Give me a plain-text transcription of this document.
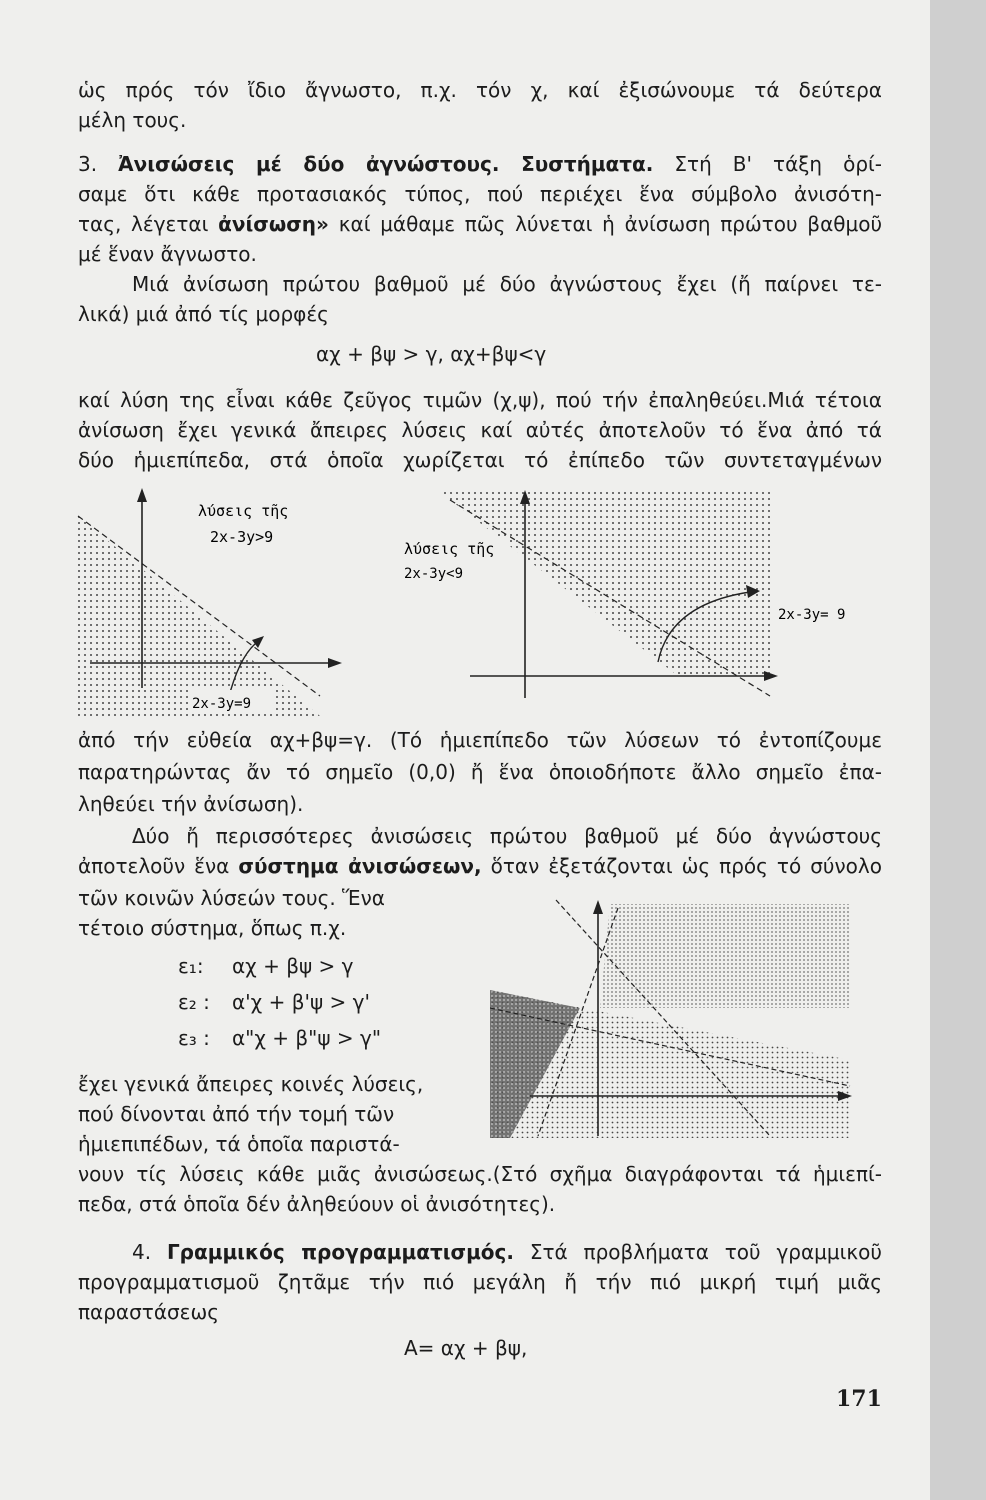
ὡς πρός τόν ἴδιο ἄγνωστο, π.χ. τόν χ, καί ἐξισώνουμε τά δεύτερα
μέλη τους.
3. Ἀνισώσεις μέ δύο ἀγνώστους. Συστήματα. Στή Β' τάξη ὁρί-
σαμε ὅτι κάθε προτασιακός τύπος, πού περιέχει ἕνα σύμβολο ἀνισότη-
τας, λέγεται ἀνίσωση» καί μάθαμε πῶς λύνεται ἡ ἀνίσωση πρώτου βαθμοῦ
μέ ἕναν ἄγνωστο.
Μιά ἀνίσωση πρώτου βαθμοῦ μέ δύο ἀγνώστους ἔχει (ἤ παίρνει τε-
λικά) μιά ἀπό τίς μορφές
αχ + βψ > γ, αχ+βψ<γ
καί λύση της εἶναι κάθε ζεῦγος τιμῶν (χ,ψ), πού τήν ἐπαληθεύει.Μιά τέτοια
ἀνίσωση ἔχει γενικά ἄπειρες λύσεις καί αὐτές ἀποτελοῦν τό ἕνα ἀπό τά
δύο ἡμιεπίπεδα, στά ὁποῖα χωρίζεται τό ἐπίπεδο τῶν συντεταγμένων
λύσεις τῆς
2x-3y>9
2x-3y=9
λύσεις τῆς
2x-3y<9
2x-3y= 9
ἀπό τήν εὐθεία αχ+βψ=γ. (Τό ἡμιεπίπεδο τῶν λύσεων τό ἐντοπίζουμε
παρατηρώντας ἄν τό σημεῖο (0,0) ἤ ἕνα ὁποιοδήποτε ἄλλο σημεῖο ἐπα-
ληθεύει τήν ἀνίσωση).
Δύο ἤ περισσότερες ἀνισώσεις πρώτου βαθμοῦ μέ δύο ἀγνώστους
ἀποτελοῦν ἕνα σύστημα ἀνισώσεων, ὅταν ἐξετάζονται ὡς πρός τό σύνολο
τῶν κοινῶν λύσεών τους. Ἕνα
τέτοιο σύστημα, ὅπως π.χ.
ε₁: αχ + βψ > γ
ε₂ : α'χ + β'ψ > γ'
ε₃ : α"χ + β"ψ > γ"
ἔχει γενικά ἄπειρες κοινές λύσεις,
πού δίνονται ἀπό τήν τομή τῶν
ἡμιεπιπέδων, τά ὁποῖα παριστά-
νουν τίς λύσεις κάθε μιᾶς ἀνισώσεως.(Στό σχῆμα διαγράφονται τά ἡμιεπί-
πεδα, στά ὁποῖα δέν ἀληθεύουν οἱ ἀνισότητες).
4. Γραμμικός προγραμματισμός. Στά προβλήματα τοῦ γραμμικοῦ
προγραμματισμοῦ ζητᾶμε τήν πιό μεγάλη ἤ τήν πιό μικρή τιμή μιᾶς
παραστάσεως
Α= αχ + βψ,
171
